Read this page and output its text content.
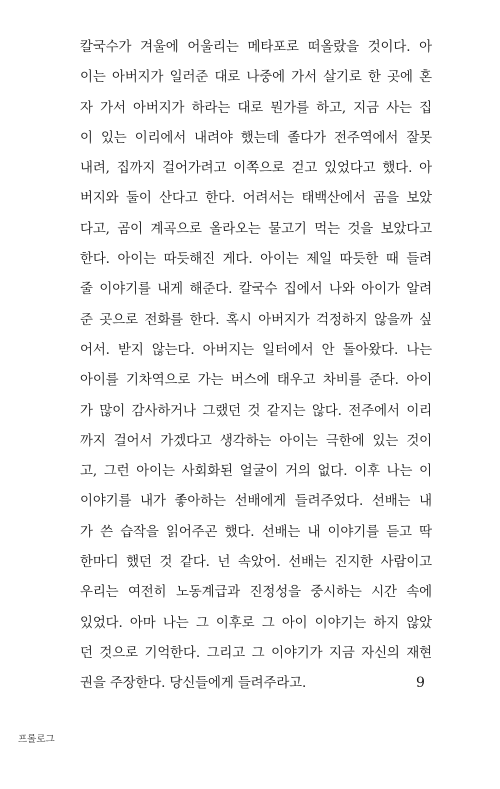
칼국수가 겨울에 어울리는 메타포로 떠올랐을 것이다. 아
이는 아버지가 일러준 대로 나중에 가서 살기로 한 곳에 혼
자 가서 아버지가 하라는 대로 뭔가를 하고, 지금 사는 집
이 있는 이리에서 내려야 했는데 졸다가 전주역에서 잘못
내려, 집까지 걸어가려고 이쪽으로 걷고 있었다고 했다. 아
버지와 둘이 산다고 한다. 어려서는 태백산에서 곰을 보았
다고, 곰이 계곡으로 올라오는 물고기 먹는 것을 보았다고
한다. 아이는 따듯해진 게다. 아이는 제일 따듯한 때 들려
줄 이야기를 내게 해준다. 칼국수 집에서 나와 아이가 알려
준 곳으로 전화를 한다. 혹시 아버지가 걱정하지 않을까 싶
어서. 받지 않는다. 아버지는 일터에서 안 돌아왔다. 나는
아이를 기차역으로 가는 버스에 태우고 차비를 준다. 아이
가 많이 감사하거나 그랬던 것 같지는 않다. 전주에서 이리
까지 걸어서 가겠다고 생각하는 아이는 극한에 있는 것이
고, 그런 아이는 사회화된 얼굴이 거의 없다. 이후 나는 이
이야기를 내가 좋아하는 선배에게 들려주었다. 선배는 내
가 쓴 습작을 읽어주곤 했다. 선배는 내 이야기를 듣고 딱
한마디 했던 것 같다. 넌 속았어. 선배는 진지한 사람이고
우리는 여전히 노동계급과 진정성을 중시하는 시간 속에
있었다. 아마 나는 그 이후로 그 아이 이야기는 하지 않았
던 것으로 기억한다. 그리고 그 이야기가 지금 자신의 재현
권을 주장한다. 당신들에게 들려주라고.	9
프롤로그
